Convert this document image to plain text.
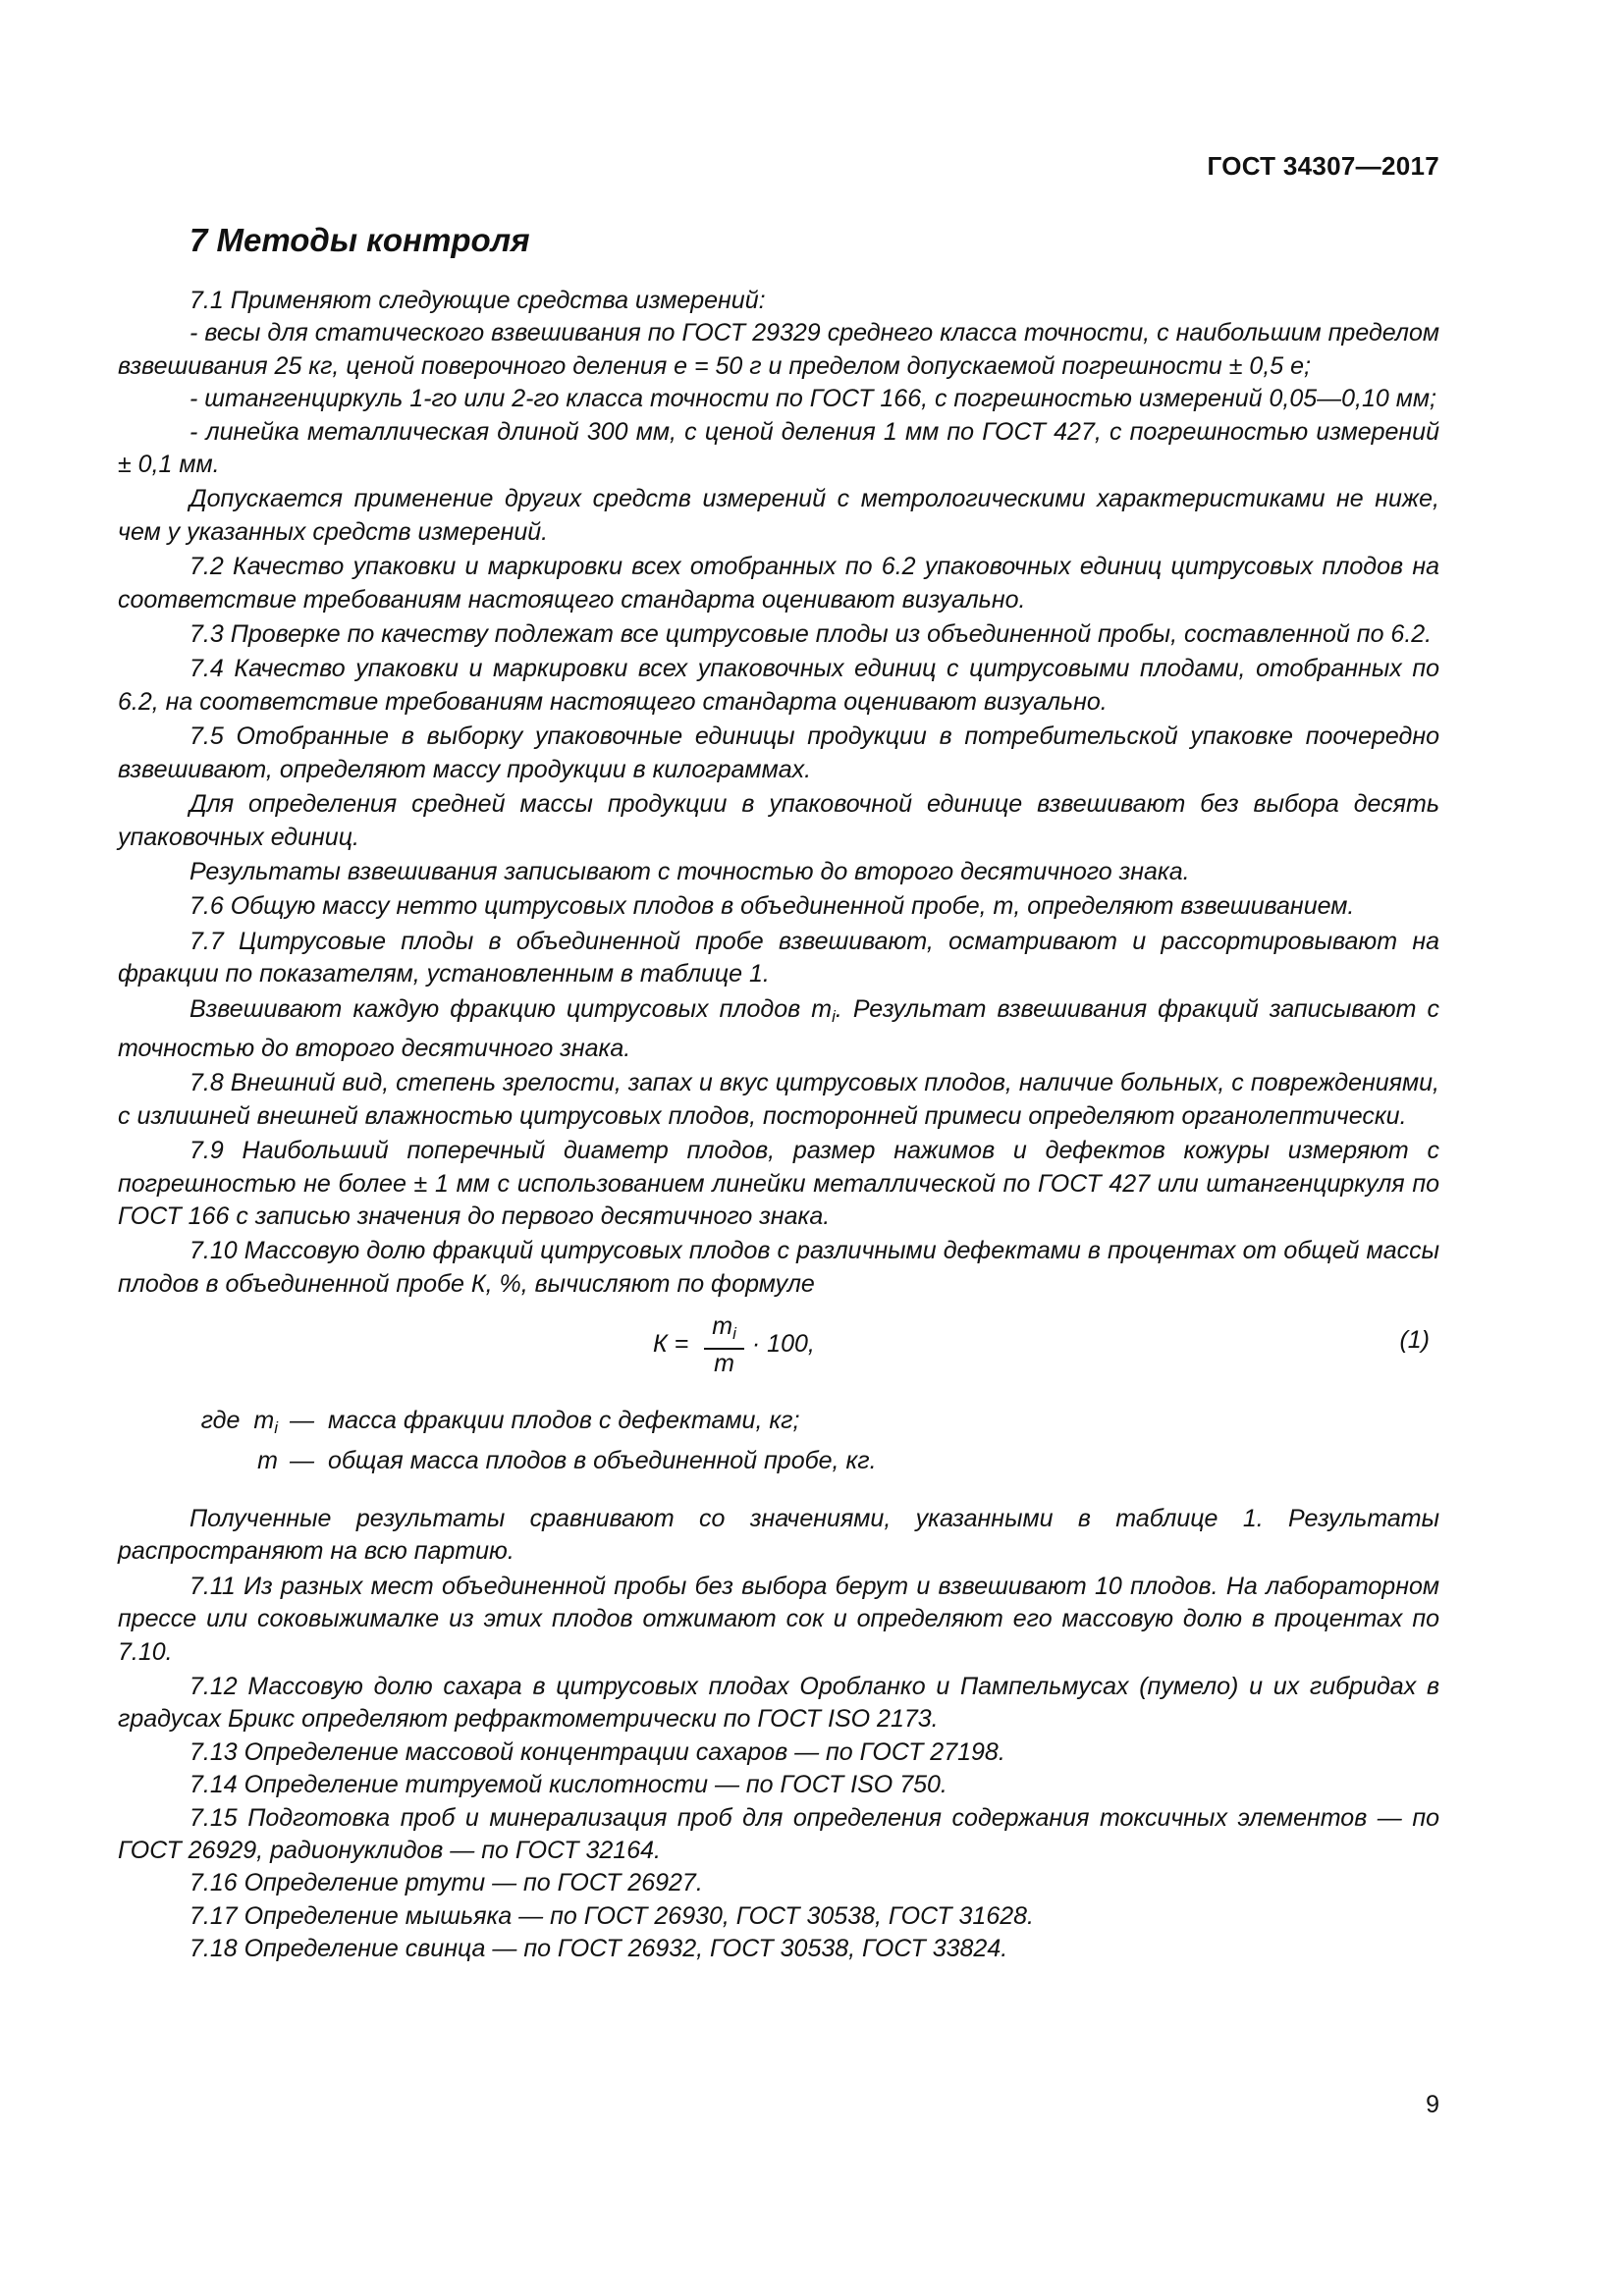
ГОСТ 34307—2017
7 Методы контроля

7.1 Применяют следующие средства измерений:

- весы для статического взвешивания по ГОСТ 29329 среднего класса точности, с наибольшим пределом взвешивания 25 кг, ценой поверочного деления е = 50 г и пределом допускаемой погрешности ± 0,5 е;

- штангенциркуль 1-го или 2-го класса точности по ГОСТ 166, с погрешностью измерений 0,05—0,10 мм;

- линейка металлическая длиной 300 мм, с ценой деления 1 мм по ГОСТ 427, с погрешностью измерений ± 0,1 мм.

Допускается применение других средств измерений с метрологическими характеристиками не ниже, чем у указанных средств измерений.

7.2 Качество упаковки и маркировки всех отобранных по 6.2 упаковочных единиц цитрусовых плодов на соответствие требованиям настоящего стандарта оценивают визуально.

7.3 Проверке по качеству подлежат все цитрусовые плоды из объединенной пробы, составленной по 6.2.

7.4 Качество упаковки и маркировки всех упаковочных единиц с цитрусовыми плодами, отобранных по 6.2, на соответствие требованиям настоящего стандарта оценивают визуально.

7.5 Отобранные в выборку упаковочные единицы продукции в потребительской упаковке поочередно взвешивают, определяют массу продукции в килограммах.

Для определения средней массы продукции в упаковочной единице взвешивают без выбора десять упаковочных единиц.

Результаты взвешивания записывают с точностью до второго десятичного знака.

7.6 Общую массу нетто цитрусовых плодов в объединенной пробе, m, определяют взвешиванием.

7.7 Цитрусовые плоды в объединенной пробе взвешивают, осматривают и рассортировывают на фракции по показателям, установленным в таблице 1.

Взвешивают каждую фракцию цитрусовых плодов $m_i$. Результат взвешивания фракций записывают с точностью до второго десятичного знака.

7.8 Внешний вид, степень зрелости, запах и вкус цитрусовых плодов, наличие больных, с повреждениями, с излишней внешней влажностью цитрусовых плодов, посторонней примеси определяют органолептически.

7.9 Наибольший поперечный диаметр плодов, размер нажимов и дефектов кожуры измеряют с погрешностью не более ± 1 мм с использованием линейки металлической по ГОСТ 427 или штангенциркуля по ГОСТ 166 с записью значения до первого десятичного знака.

7.10 Массовую долю фракций цитрусовых плодов с различными дефектами в процентах от общей массы плодов в объединенной пробе К, %, вычисляют по формуле

$К = \frac{m_i}{m} \cdot 100$,	(1)
где $m_i$ — масса фракции плодов с дефектами, кг;
m — общая масса плодов в объединенной пробе, кг.

Полученные результаты сравнивают со значениями, указанными в таблице 1. Результаты распространяют на всю партию.

7.11 Из разных мест объединенной пробы без выбора берут и взвешивают 10 плодов. На лабораторном прессе или соковыжималке из этих плодов отжимают сок и определяют его массовую долю в процентах по 7.10.

7.12 Массовую долю сахара в цитрусовых плодах Оробланко и Пампельмусах (пумело) и их гибридах в градусах Брикс определяют рефрактометрически по ГОСТ ISO 2173.

7.13 Определение массовой концентрации сахаров — по ГОСТ 27198.

7.14 Определение титруемой кислотности — по ГОСТ ISO 750.

7.15 Подготовка проб и минерализация проб для определения содержания токсичных элементов — по ГОСТ 26929, радионуклидов — по ГОСТ 32164.

7.16 Определение ртути — по ГОСТ 26927.

7.17 Определение мышьяка — по ГОСТ 26930, ГОСТ 30538, ГОСТ 31628.

7.18 Определение свинца — по ГОСТ 26932, ГОСТ 30538, ГОСТ 33824.

9
